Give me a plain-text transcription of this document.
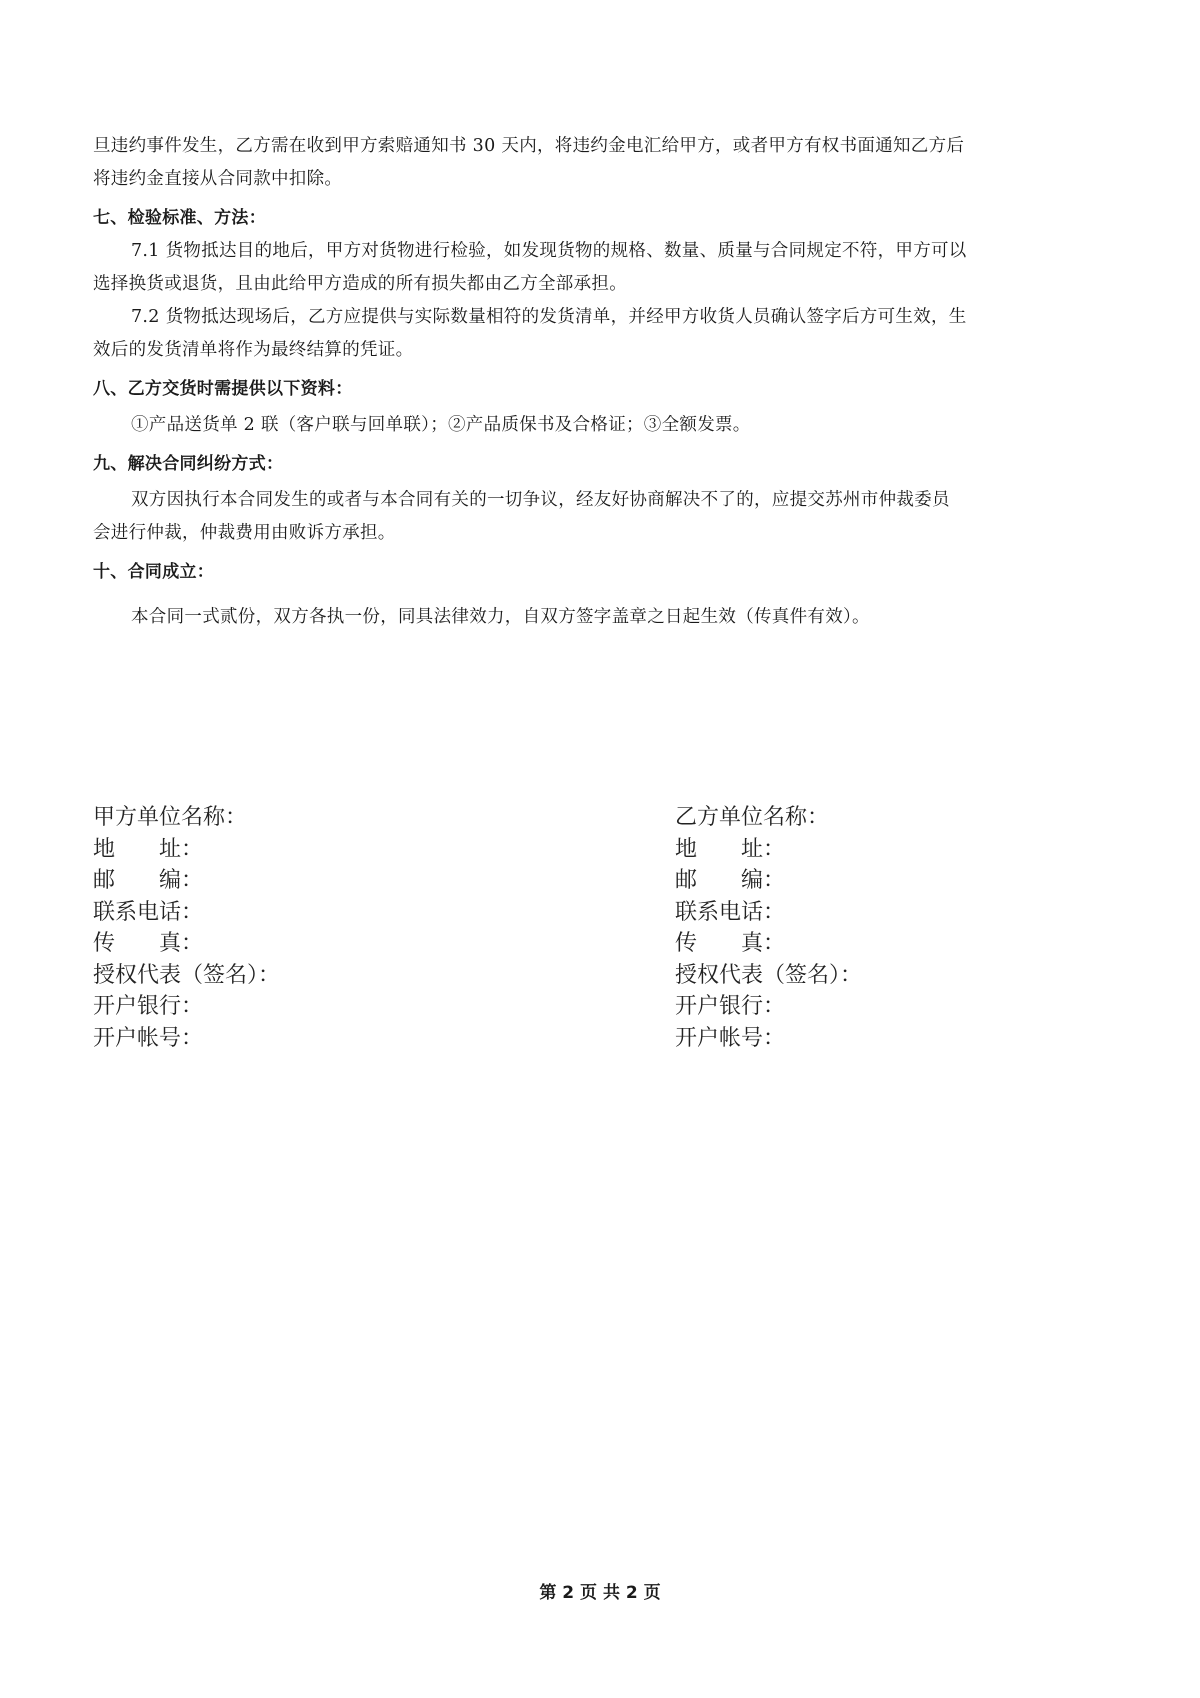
旦违约事件发生，乙方需在收到甲方索赔通知书 30 天内，将违约金电汇给甲方，或者甲方有权书面通知乙方后

将违约金直接从合同款中扣除。

七、检验标准、方法：

7.1 货物抵达目的地后，甲方对货物进行检验，如发现货物的规格、数量、质量与合同规定不符，甲方可以

选择换货或退货，且由此给甲方造成的所有损失都由乙方全部承担。

7.2 货物抵达现场后，乙方应提供与实际数量相符的发货清单，并经甲方收货人员确认签字后方可生效，生

效后的发货清单将作为最终结算的凭证。

八、乙方交货时需提供以下资料：

①产品送货单 2 联（客户联与回单联）；②产品质保书及合格证；③全额发票。

九、解决合同纠纷方式：

双方因执行本合同发生的或者与本合同有关的一切争议，经友好协商解决不了的，应提交苏州市仲裁委员

会进行仲裁，仲裁费用由败诉方承担。

十、合同成立：

本合同一式贰份，双方各执一份，同具法律效力，自双方签字盖章之日起生效（传真件有效）。

甲方单位名称：

地　　址：

邮　　编：

联系电话：

传　　真：

授权代表（签名）：

开户银行：

开户帐号：

乙方单位名称：

地　　址：

邮　　编：

联系电话：

传　　真：

授权代表（签名）：

开户银行：

开户帐号：

第 2 页 共 2 页
